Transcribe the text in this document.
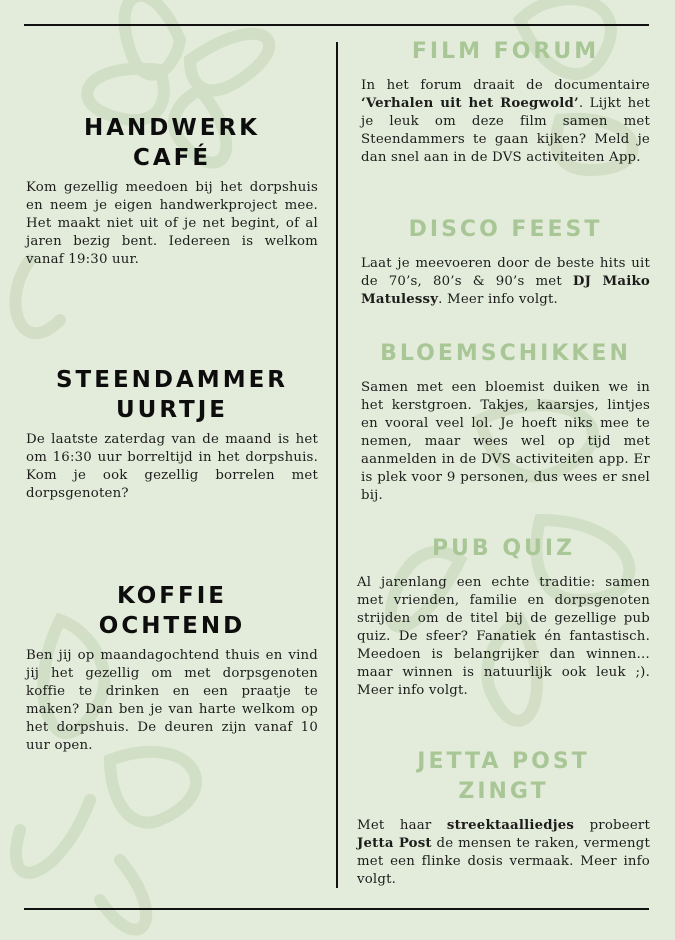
HANDWERK
CAFÉ

Kom gezellig meedoen bij het dorpshuis en neem je eigen handwerkproject mee. Het maakt niet uit of je net begint, of al jaren bezig bent. Iedereen is welkom vanaf 19:30 uur.

STEENDAMMER
UURTJE

De laatste zaterdag van de maand is het om 16:30 uur borreltijd in het dorpshuis. Kom je ook gezellig borrelen met dorpsgenoten?

KOFFIE
OCHTEND

Ben jij op maandagochtend thuis en vind jij het gezellig om met dorpsgenoten koffie te drinken en een praatje te maken? Dan ben je van harte welkom op het dorpshuis. De deuren zijn vanaf 10 uur open.

FILM FORUM

In het forum draait de documentaire ‘Verhalen uit het Roegwold’. Lijkt het je leuk om deze film samen met Steendammers te gaan kijken? Meld je dan snel aan in de DVS activiteiten App.

DISCO FEEST

Laat je meevoeren door de beste hits uit de 70’s, 80’s & 90’s met DJ Maiko Matulessy. Meer info volgt.

BLOEMSCHIKKEN

Samen met een bloemist duiken we in het kerstgroen. Takjes, kaarsjes, lintjes en vooral veel lol. Je hoeft niks mee te nemen, maar wees wel op tijd met aanmelden in de DVS activiteiten app. Er is plek voor 9 personen, dus wees er snel bij.

PUB QUIZ

Al jarenlang een echte traditie: samen met vrienden, familie en dorpsgenoten strijden om de titel bij de gezellige pub quiz. De sfeer? Fanatiek én fantastisch. Meedoen is belangrijker dan winnen… maar winnen is natuurlijk ook leuk ;). Meer info volgt.

JETTA POST
ZINGT

Met haar streektaalliedjes probeert Jetta Post de mensen te raken, vermengt met een flinke dosis vermaak. Meer info volgt.
